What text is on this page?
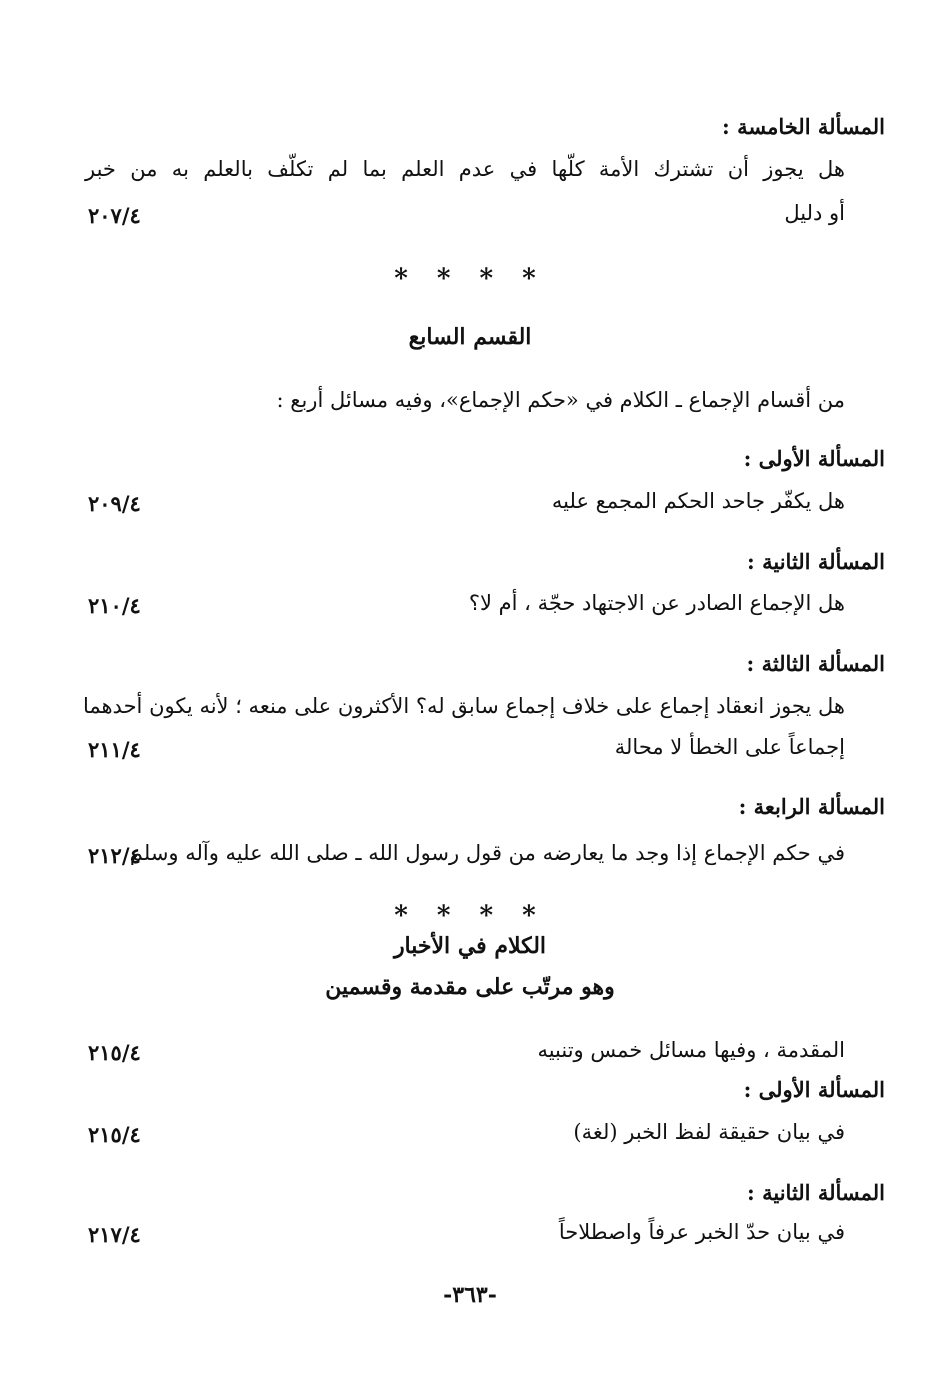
المسألة الخامسة :
هل يجوز أن تشترك الأمة كلّها في عدم العلم بما لم تكلّف بالعلم به من خبر
أو دليل
٢٠٧/٤
* * * *
القسم السابع
من أقسام الإجماع ـ الكلام في «حكم الإجماع»، وفيه مسائل أربع :
المسألة الأولى :
هل يكفّر جاحد الحكم المجمع عليه
٢٠٩/٤
المسألة الثانية :
هل الإجماع الصادر عن الاجتهاد حجّة ، أم لا؟
٢١٠/٤
المسألة الثالثة :
هل يجوز انعقاد إجماع على خلاف إجماع سابق له؟ الأكثرون على منعه ؛ لأنه يكون أحدهما
إجماعاً على الخطأ لا محالة
٢١١/٤
المسألة الرابعة :
في حكم الإجماع إذا وجد ما يعارضه من قول رسول الله ـ صلى الله عليه وآله وسلم
٢١٢/٤
* * * *
الكلام في الأخبار
وهو مرتّب على مقدمة وقسمين
المقدمة ، وفيها مسائل خمس وتنبيه
٢١٥/٤
المسألة الأولى :
في بيان حقيقة لفظ الخبر (لغة)
٢١٥/٤
المسألة الثانية :
في بيان حدّ الخبر عرفاً واصطلاحاً
٢١٧/٤
-٣٦٣-
